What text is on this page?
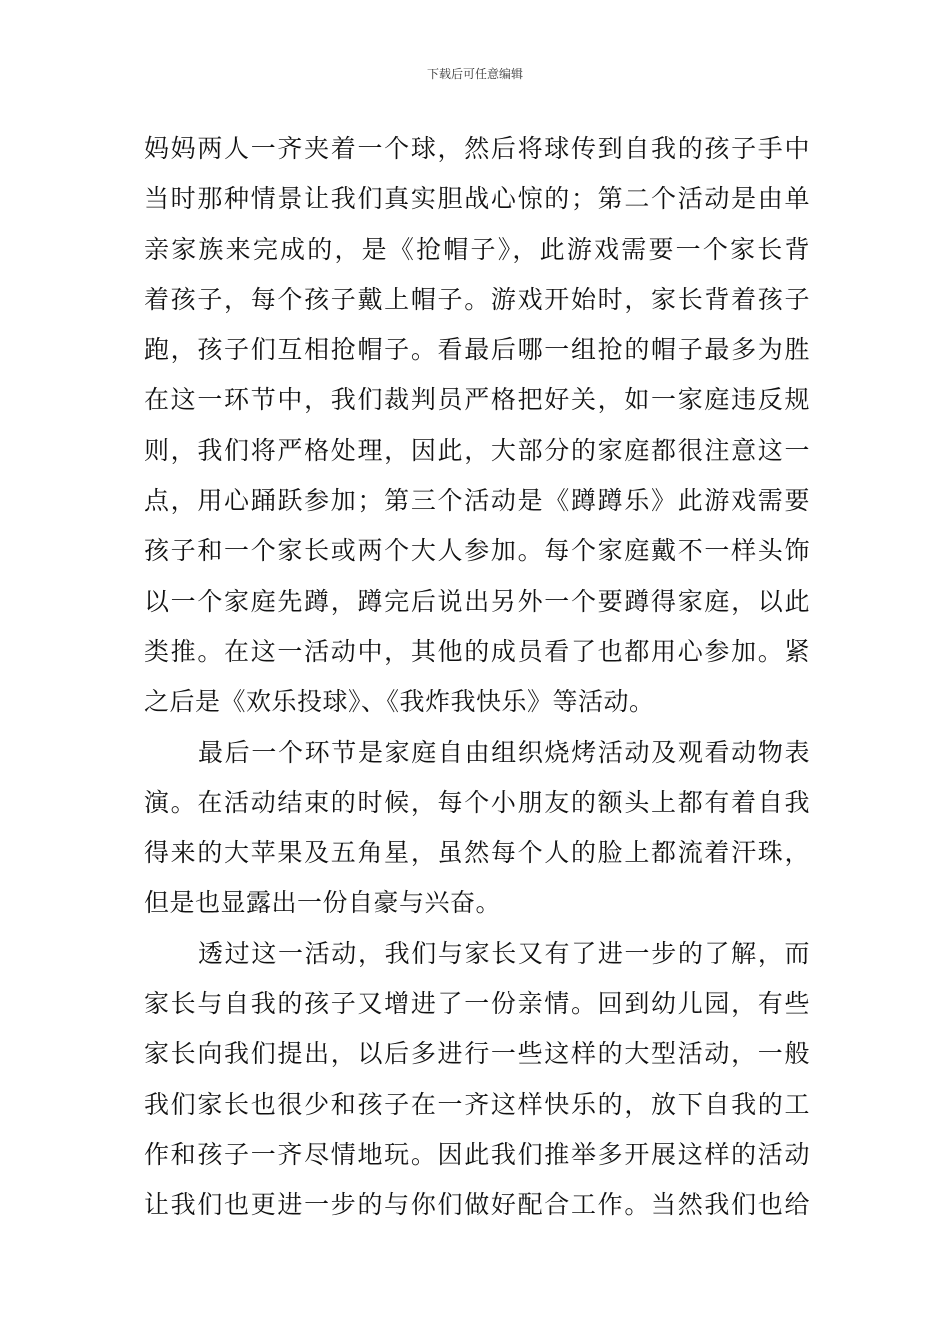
下载后可任意编辑
妈妈两人一齐夹着一个球，然后将球传到自我的孩子手中
当时那种情景让我们真实胆战心惊的；第二个活动是由单
亲家族来完成的，是《抢帽子》，此游戏需要一个家长背
着孩子，每个孩子戴上帽子。游戏开始时，家长背着孩子
跑，孩子们互相抢帽子。看最后哪一组抢的帽子最多为胜
在这一环节中，我们裁判员严格把好关，如一家庭违反规
则，我们将严格处理，因此，大部分的家庭都很注意这一
点，用心踊跃参加；第三个活动是《蹲蹲乐》此游戏需要
孩子和一个家长或两个大人参加。每个家庭戴不一样头饰
以一个家庭先蹲，蹲完后说出另外一个要蹲得家庭，以此
类推。在这一活动中，其他的成员看了也都用心参加。紧
之后是《欢乐投球》、《我炸我快乐》等活动。
最后一个环节是家庭自由组织烧烤活动及观看动物表
演。在活动结束的时候，每个小朋友的额头上都有着自我
得来的大苹果及五角星，虽然每个人的脸上都流着汗珠，
但是也显露出一份自豪与兴奋。
透过这一活动，我们与家长又有了进一步的了解，而
家长与自我的孩子又增进了一份亲情。回到幼儿园，有些
家长向我们提出，以后多进行一些这样的大型活动，一般
我们家长也很少和孩子在一齐这样快乐的，放下自我的工
作和孩子一齐尽情地玩。因此我们推举多开展这样的活动
让我们也更进一步的与你们做好配合工作。当然我们也给
